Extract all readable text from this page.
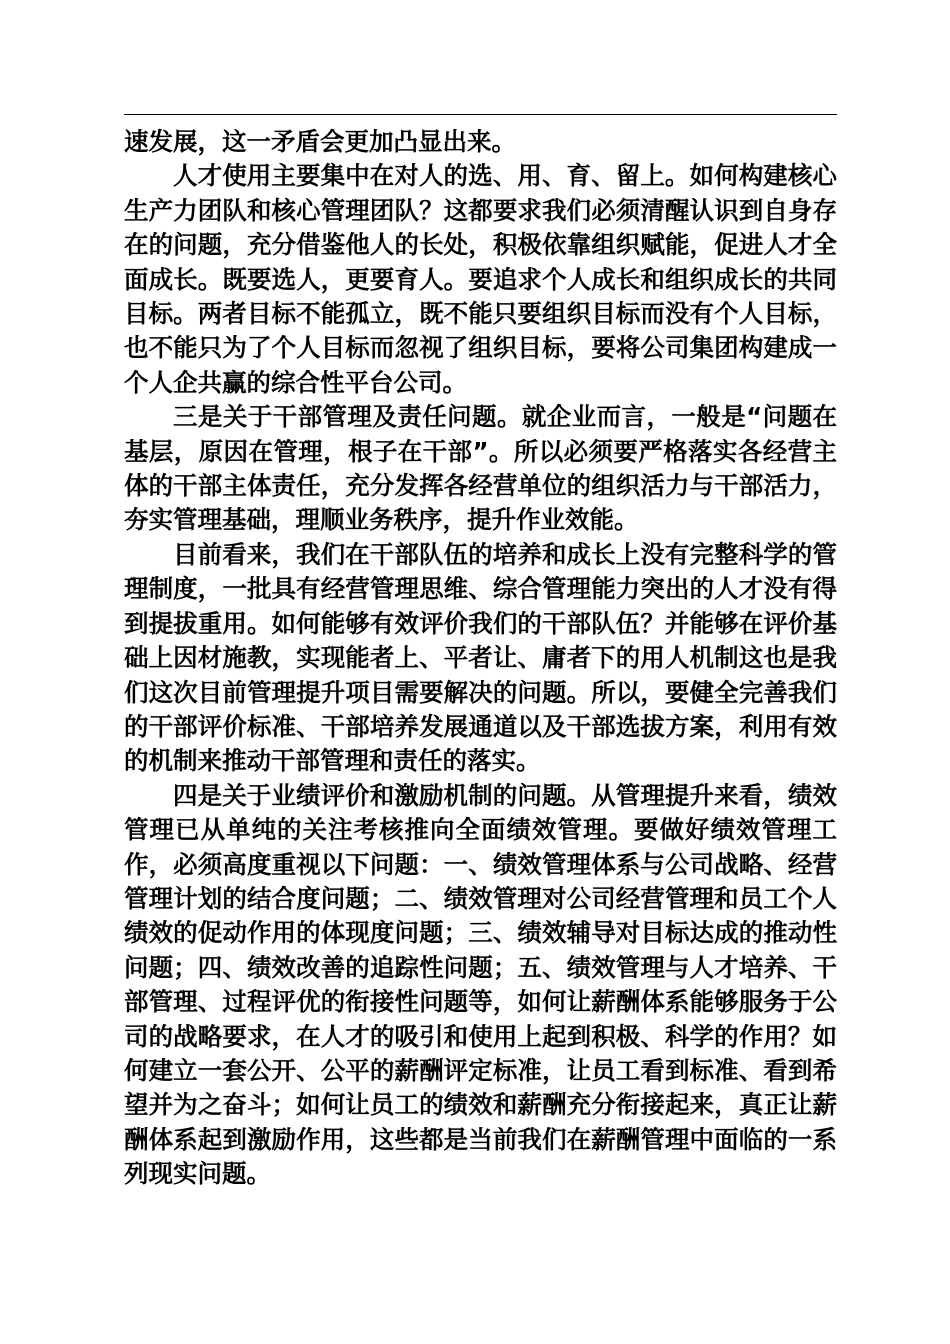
速发展，这一矛盾会更加凸显出来。

人才使用主要集中在对人的选、用、育、留上。如何构建核心生产力团队和核心管理团队？这都要求我们必须清醒认识到自身存在的问题，充分借鉴他人的长处，积极依靠组织赋能，促进人才全面成长。既要选人，更要育人。要追求个人成长和组织成长的共同目标。两者目标不能孤立，既不能只要组织目标而没有个人目标，也不能只为了个人目标而忽视了组织目标，要将公司集团构建成一个人企共赢的综合性平台公司。

三是关于干部管理及责任问题。就企业而言，一般是“问题在基层，原因在管理，根子在干部”。所以必须要严格落实各经营主体的干部主体责任，充分发挥各经营单位的组织活力与干部活力，夯实管理基础，理顺业务秩序，提升作业效能。

目前看来，我们在干部队伍的培养和成长上没有完整科学的管理制度，一批具有经营管理思维、综合管理能力突出的人才没有得到提拔重用。如何能够有效评价我们的干部队伍？并能够在评价基础上因材施教，实现能者上、平者让、庸者下的用人机制这也是我们这次目前管理提升项目需要解决的问题。所以，要健全完善我们的干部评价标准、干部培养发展通道以及干部选拔方案，利用有效的机制来推动干部管理和责任的落实。

四是关于业绩评价和激励机制的问题。从管理提升来看，绩效管理已从单纯的关注考核推向全面绩效管理。要做好绩效管理工作，必须高度重视以下问题：一、绩效管理体系与公司战略、经营管理计划的结合度问题；二、绩效管理对公司经营管理和员工个人绩效的促动作用的体现度问题；三、绩效辅导对目标达成的推动性问题；四、绩效改善的追踪性问题；五、绩效管理与人才培养、干部管理、过程评优的衔接性问题等，如何让薪酬体系能够服务于公司的战略要求，在人才的吸引和使用上起到积极、科学的作用？如何建立一套公开、公平的薪酬评定标准，让员工看到标准、看到希望并为之奋斗；如何让员工的绩效和薪酬充分衔接起来，真正让薪酬体系起到激励作用，这些都是当前我们在薪酬管理中面临的一系列现实问题。
